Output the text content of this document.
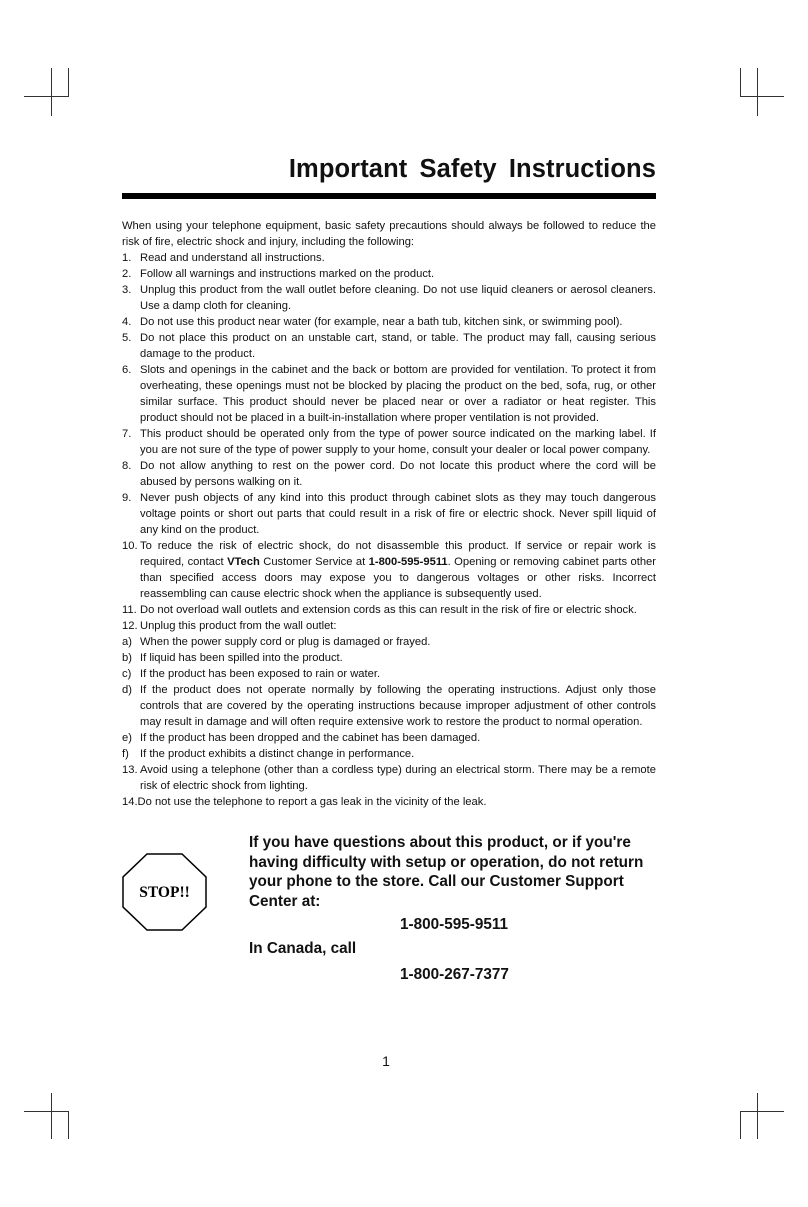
Important Safety Instructions

When using your telephone equipment, basic safety precautions should always be followed to reduce the risk of fire, electric shock and injury, including the following:

1. Read and understand all instructions.
2. Follow all warnings and instructions marked on the product.
3. Unplug this product from the wall outlet before cleaning. Do not use liquid cleaners or aerosol cleaners. Use a damp cloth for cleaning.
4. Do not use this product near water (for example, near a bath tub, kitchen sink, or swimming pool).
5. Do not place this product on an unstable cart, stand, or table. The product may fall, causing serious damage to the product.
6. Slots and openings in the cabinet and the back or bottom are provided for ventilation. To protect it from overheating, these openings must not be blocked by placing the product on the bed, sofa, rug, or other similar surface. This product should never be placed near or over a radiator or heat register. This product should not be placed in a built-in-installation where proper ventilation is not provided.
7. This product should be operated only from the type of power source indicated on the marking label. If you are not sure of the type of power supply to your home, consult your dealer or local power company.
8. Do not allow anything to rest on the power cord. Do not locate this product where the cord will be abused by persons walking on it.
9. Never push objects of any kind into this product through cabinet slots as they may touch dangerous voltage points or short out parts that could result in a risk of fire or electric shock. Never spill liquid of any kind on the product.
10. To reduce the risk of electric shock, do not disassemble this product. If service or repair work is required, contact VTech Customer Service at 1-800-595-9511. Opening or removing cabinet parts other than specified access doors may expose you to dangerous voltages or other risks. Incorrect reassembling can cause electric shock when the appliance is subsequently used.
11. Do not overload wall outlets and extension cords as this can result in the risk of fire or electric shock.
12. Unplug this product from the wall outlet:
a) When the power supply cord or plug is damaged or frayed.
b) If liquid has been spilled into the product.
c) If the product has been exposed to rain or water.
d) If the product does not operate normally by following the operating instructions. Adjust only those controls that are covered by the operating instructions because improper adjustment of other controls may result in damage and will often require extensive work to restore the product to normal operation.
e) If the product has been dropped and the cabinet has been damaged.
f) If the product exhibits a distinct change in performance.
13. Avoid using a telephone (other than a cordless type) during an electrical storm. There may be a remote risk of electric shock from lighting.
14.Do not use the telephone to report a gas leak in the vicinity of the leak.
STOP!!

If you have questions about this product, or if you're having difficulty with setup or operation, do not return your phone to the store. Call our Customer Support Center at:

1-800-595-9511
In Canada, call
1-800-267-7377
1
